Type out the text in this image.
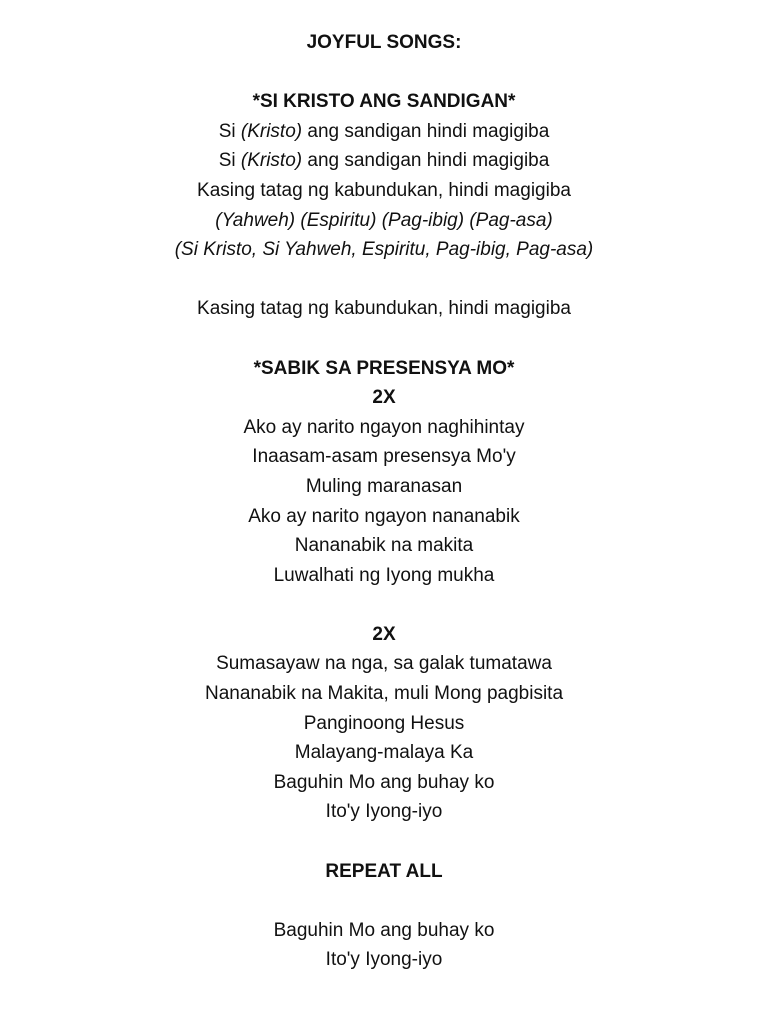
JOYFUL SONGS:
*SI KRISTO ANG SANDIGAN*
Si (Kristo) ang sandigan hindi magigiba
Si (Kristo) ang sandigan hindi magigiba
Kasing tatag ng kabundukan, hindi magigiba
(Yahweh) (Espiritu) (Pag-ibig) (Pag-asa)
(Si Kristo, Si Yahweh, Espiritu, Pag-ibig, Pag-asa)
Kasing tatag ng kabundukan, hindi magigiba
*SABIK SA PRESENSYA MO*
2X
Ako ay narito ngayon naghihintay
Inaasam-asam presensya Mo'y
Muling maranasan
Ako ay narito ngayon nananabik
Nananabik na makita
Luwalhati ng Iyong mukha
2X
Sumasayaw na nga, sa galak tumatawa
Nananabik na Makita, muli Mong pagbisita
Panginoong Hesus
Malayang-malaya Ka
Baguhin Mo ang buhay ko
Ito'y Iyong-iyo
REPEAT ALL
Baguhin Mo ang buhay ko
Ito'y Iyong-iyo
